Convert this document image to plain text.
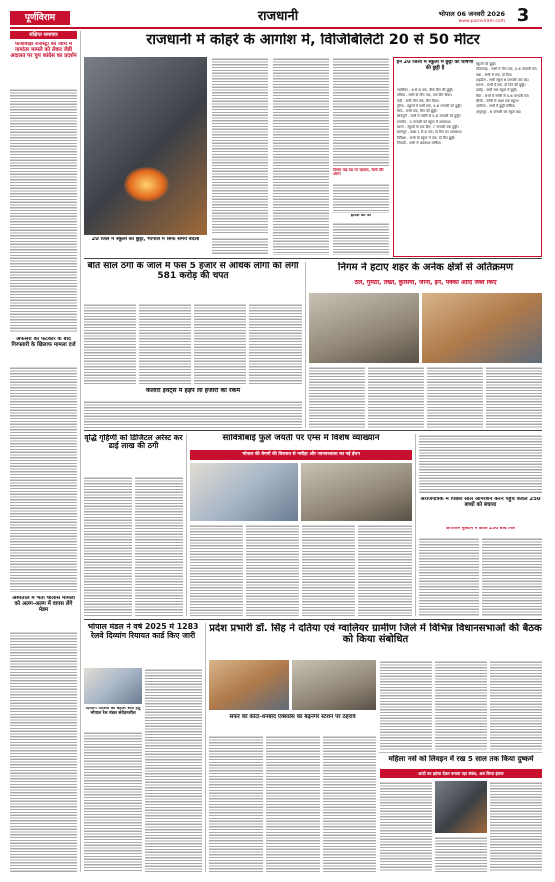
पूर्णविराम	राजधानी	भोपाल 06 जनवरी 2026
www.purnviram.com 3
संक्षिप्त समाचार
फर्जीवाड़ा रजिस्ट्री की जांच में नामांतर मामले को लेकर जेडी अदालत पर चुप कांग्रेस का प्रदर्शन
अफसरों की फटकार के बाद गिरफ्तारी के खिलाफ मामला दर्ज
अस्पताल में भर्ती चालीस मामलों को अलग-अलग में वापस लेंगे मेडम
राजधानी में कोहरे के आगोश में, विजिबिलिटी 20 से 50 मीटर
20 जिले में स्कूलों की छुट्टी, भोपाल में सिर्फ समय बदला
दिल्ला जड़ ठंड पर रहवास, रेलवे वॉर अलग
हादसे का डर
इन 20 जिलों में स्कूलों में छुट्टी की घोषणा की छुट्टी है
ग्वालियर - 6 से 8 तक, ठीक दिन की छुट्टी।
दतिया - सभी दो तीन तक, एक दिन दिया।
मंडी - सभी तीन तक, दिन दिया।
मुरैना - स्कूलों में सभी तक, 5-6 जनवरी को छुट्टी।
भिंड - सभी तक, दिन की छुट्टी।
शिवपुरी - सभी में नर्सरी से 5-6 जनवरी को छुट्टी।
रायसेन - 5 जनवरी को स्कूल में अवकाश।
सागर - स्कूलों से एक दिन, 7 जनवरी तक छुट्टी।
छतरपुर - कक्षा 1 से 8 तक, दो दिन का अवकाश।
विदिशा - सभी दो स्कूल में एक, दो दिन छुट्टी।
निवाड़ी - सभी में अवकाश घोषित।
स्कूलों को छुट्टी।
टीकमगढ़ - सभी में तीन तक, 5-6 जनवरी को।
पन्ना - सभी में तक, दो दिन।
शहडोल - सभी स्कूल 6 जनवरी तक बंद।
सतना - सभी में तक, दो दिन की छुट्टी।
दमोह - सभी तक स्कूल में छुट्टी।
रीवा - सभी में नर्सरी से 5-6 जनवरी को।
सीधी - नर्सरी से कक्षा तक स्कूल।
उमरिया - सभी में छुट्टी घोषित।
अनूपपुर - 6 जनवरी को स्कूल बंद।
बीते साल ठगों के जाल में फंसे 5 हजार से अधिक लोगों को लगी 581 करोड़ की चपत
कलारी ईवेंट्स में हड़प ली हजारों की रकम
निगम ने हटाए शहर के अनेक क्षेत्रों से अतिक्रमण
ठेले, गुमठी, तख्त, कुर्सियां, जीना, इन, पक्की आदि जब्त किए
वृद्धि गृहिणी को डिजिटल अरेस्ट कर ढाई लाख की ठगी
सावित्रीबाई फुले जयंती पर एम्स में विशेष व्याख्यान
भोपाल की बेगमों की विरासत से नसीहा और जानवरशाला का नई ईरान
अराजपत्रिक में पिछले साल ऑपरेशन करने पहुँचे केवल 250 बच्चों को बचाया
ऑपरेशन मुस्कान में केवल 250 बच्चे मिले
भोपाल मंडल ने वर्ष 2025 में 1283 रेलवे दिव्यांग रियायत कार्ड किए जारी
दिव्यांग यात्रियों को बेहतर सेवा हेतु भोपाल रेल मंडल संवेदनशील
प्रदेश प्रभारी डॉ. सिंह ने दतिया एवं ग्वालियर ग्रामीण जिले में विभिन्न विधानसभाओं की बैठक को किया संबोधित
सफर को कोटा-धनबाद एक्सप्रेस का बढ़नगर स्टेशन पर ठहराव
महिला नर्स को लिवइन में रख 5 साल तक किया दुष्कर्म
शादी का झांसा देकर बनाता रहा संबंध, अब किया इंकार
